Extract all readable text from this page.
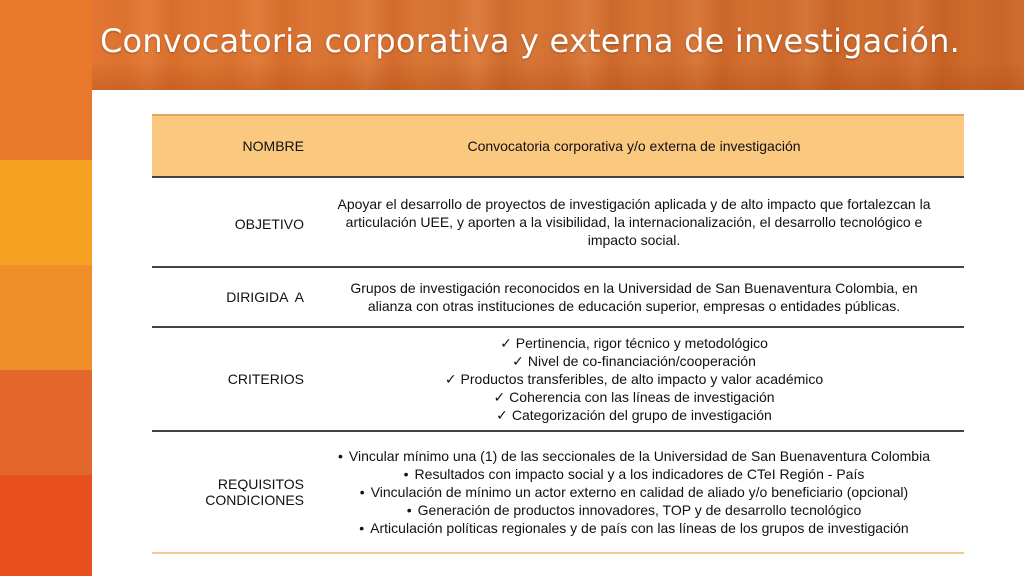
Convocatoria corporativa y externa de investigación.
NOMBRE	Convocatoria corporativa y/o externa de investigación

OBJETIVO	Apoyar el desarrollo de proyectos de investigación aplicada y de alto impacto que fortalezcan la
articulación UEE, y aporten a la visibilidad, la internacionalización, el desarrollo tecnológico e
impacto social.

DIRIGIDA  A	Grupos de investigación reconocidos en la Universidad de San Buenaventura Colombia, en
alianza con otras instituciones de educación superior, empresas o entidades públicas.

CRITERIOS	✓ Pertinencia, rigor técnico y metodológico
✓ Nivel de co-financiación/cooperación
✓ Productos transferibles, de alto impacto y valor académico
✓ Coherencia con las líneas de investigación
✓ Categorización del grupo de investigación

REQUISITOS
CONDICIONES	• Vincular mínimo una (1) de las seccionales de la Universidad de San Buenaventura Colombia
• Resultados con impacto social y a los indicadores de CTeI Región - País
• Vinculación de mínimo un actor externo en calidad de aliado y/o beneficiario (opcional)
• Generación de productos innovadores, TOP y de desarrollo tecnológico
• Articulación políticas regionales y de país con las líneas de los grupos de investigación
